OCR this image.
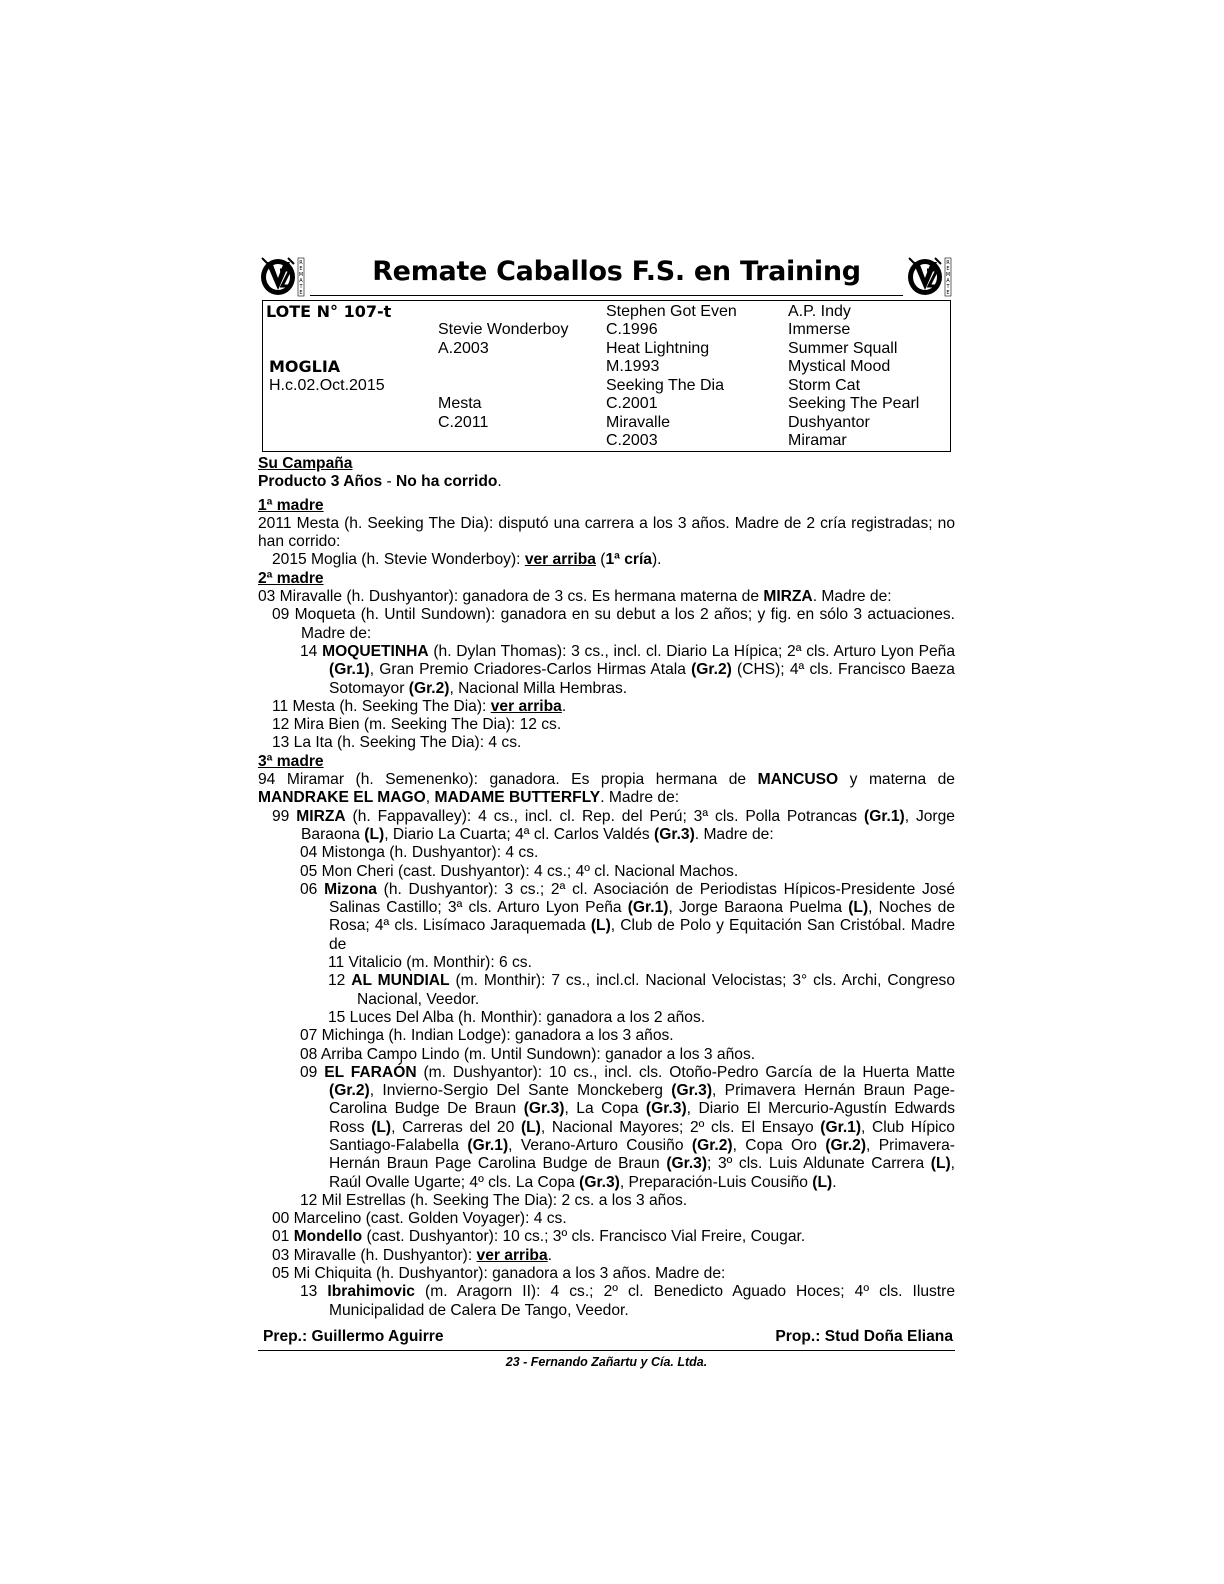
R
E
M
A
T
E
Remate Caballos F.S. en Training	R
E
M
A
T
E
LOTE N° 107-t
MOGLIA
H.c.02.Oct.2015
Stevie Wonderboy
A.2003
Mesta
C.2011
Stephen Got Even
C.1996
Heat Lightning
M.1993
Seeking The Dia
C.2001
Miravalle
C.2003
A.P. Indy
Immerse
Summer Squall
Mystical Mood
Storm Cat
Seeking The Pearl
Dushyantor
Miramar

Su Campaña

Producto 3 Años - No ha corrido.

1ª madre

2011 Mesta (h. Seeking The Dia): disputó una carrera a los 3 años. Madre de 2 cría registradas; no han corrido:

2015 Moglia (h. Stevie Wonderboy): ver arriba (1ª cría).

2ª madre

03 Miravalle (h. Dushyantor): ganadora de 3 cs. Es hermana materna de MIRZA. Madre de:

09 Moqueta (h. Until Sundown): ganadora en su debut a los 2 años; y fig. en sólo 3 actuaciones. Madre de:

14 MOQUETINHA (h. Dylan Thomas): 3 cs., incl. cl. Diario La Hípica; 2ª cls. Arturo Lyon Peña (Gr.1), Gran Premio Criadores-Carlos Hirmas Atala (Gr.2) (CHS); 4ª cls. Francisco Baeza Sotomayor (Gr.2), Nacional Milla Hembras.

11 Mesta (h. Seeking The Dia): ver arriba.

12 Mira Bien (m. Seeking The Dia): 12 cs.

13 La Ita (h. Seeking The Dia): 4 cs.

3ª madre

94 Miramar (h. Semenenko): ganadora. Es propia hermana de MANCUSO y materna de MANDRAKE EL MAGO, MADAME BUTTERFLY. Madre de:

99 MIRZA (h. Fappavalley): 4 cs., incl. cl. Rep. del Perú; 3ª cls. Polla Potrancas (Gr.1), Jorge Baraona (L), Diario La Cuarta; 4ª cl. Carlos Valdés (Gr.3). Madre de:

04 Mistonga (h. Dushyantor): 4 cs.

05 Mon Cheri (cast. Dushyantor): 4 cs.; 4º cl. Nacional Machos.

06 Mizona (h. Dushyantor): 3 cs.; 2ª cl. Asociación de Periodistas Hípicos-Presidente José Salinas Castillo; 3ª cls. Arturo Lyon Peña (Gr.1), Jorge Baraona Puelma (L), Noches de Rosa; 4ª cls. Lisímaco Jaraquemada (L), Club de Polo y Equitación San Cristóbal. Madre de

11 Vitalicio (m. Monthir): 6 cs.

12 AL MUNDIAL (m. Monthir): 7 cs., incl.cl. Nacional Velocistas; 3° cls. Archi, Congreso Nacional, Veedor.

15 Luces Del Alba (h. Monthir): ganadora a los 2 años.

07 Michinga (h. Indian Lodge): ganadora a los 3 años.

08 Arriba Campo Lindo (m. Until Sundown): ganador a los 3 años.

09 EL FARAÓN (m. Dushyantor): 10 cs., incl. cls. Otoño-Pedro García de la Huerta Matte (Gr.2), Invierno-Sergio Del Sante Monckeberg (Gr.3), Primavera Hernán Braun Page-Carolina Budge De Braun (Gr.3), La Copa (Gr.3), Diario El Mercurio-Agustín Edwards Ross (L), Carreras del 20 (L), Nacional Mayores; 2º cls. El Ensayo (Gr.1), Club Hípico Santiago-Falabella (Gr.1), Verano-Arturo Cousiño (Gr.2), Copa Oro (Gr.2), Primavera-Hernán Braun Page Carolina Budge de Braun (Gr.3); 3º cls. Luis Aldunate Carrera (L), Raúl Ovalle Ugarte; 4º cls. La Copa (Gr.3), Preparación-Luis Cousiño (L).

12 Mil Estrellas (h. Seeking The Dia): 2 cs. a los 3 años.

00 Marcelino (cast. Golden Voyager): 4 cs.

01 Mondello (cast. Dushyantor): 10 cs.; 3º cls. Francisco Vial Freire, Cougar.

03 Miravalle (h. Dushyantor): ver arriba.

05 Mi Chiquita (h. Dushyantor): ganadora a los 3 años. Madre de:

13 Ibrahimovic (m. Aragorn II): 4 cs.; 2º cl. Benedicto Aguado Hoces; 4º cls. Ilustre Municipalidad de Calera De Tango, Veedor.

Prep.: Guillermo Aguirre	Prop.: Stud Doña Eliana
23 - Fernando Zañartu y Cía. Ltda.
